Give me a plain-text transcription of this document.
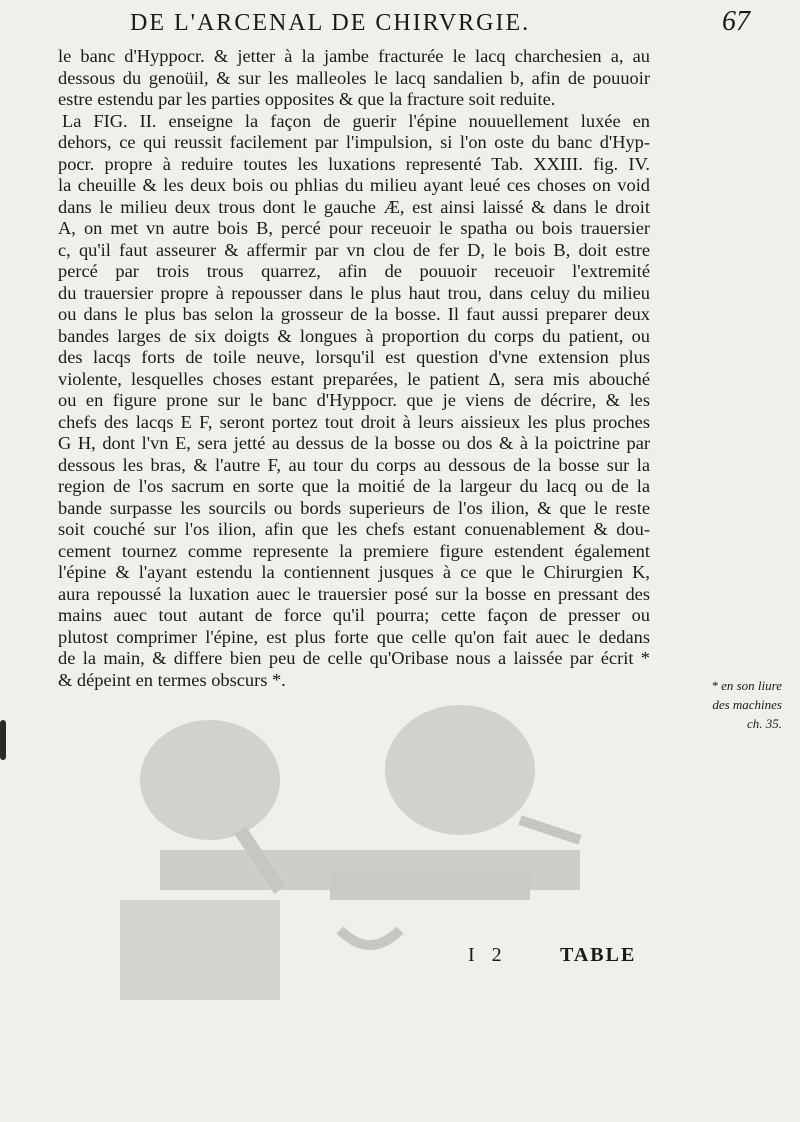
DE L'ARCENAL DE CHIRVRGIE.	67
le banc d'Hyppocr. & jetter à la jambe fracturée le lacq charchesien a, au
dessous du genoüil, & sur les malleoles le lacq sandalien b, afin de pouuoir
estre estendu par les parties opposites & que la fracture soit reduite.
La FIG. II. enseigne la façon de guerir l'épine nouuellement luxée en
dehors, ce qui reussit facilement par l'impulsion, si l'on oste du banc d'Hyp-
pocr. propre à reduire toutes les luxations representé Tab. XXIII. fig. IV.
la cheuille & les deux bois ou phlias du milieu ayant leué ces choses on void
dans le milieu deux trous dont le gauche Æ, est ainsi laissé & dans le droit
A, on met vn autre bois B, percé pour receuoir le spatha ou bois trauersier
c, qu'il faut asseurer & affermir par vn clou de fer D, le bois B, doit estre
percé par trois trous quarrez, afin de pouuoir receuoir l'extremité
du trauersier propre à repousser dans le plus haut trou, dans celuy du milieu
ou dans le plus bas selon la grosseur de la bosse. Il faut aussi preparer deux
bandes larges de six doigts & longues à proportion du corps du patient, ou
des lacqs forts de toile neuve, lorsqu'il est question d'vne extension plus
violente, lesquelles choses estant preparées, le patient Δ, sera mis abouché
ou en figure prone sur le banc d'Hyppocr. que je viens de décrire, & les
chefs des lacqs E F, seront portez tout droit à leurs aissieux les plus proches
G H, dont l'vn E, sera jetté au dessus de la bosse ou dos & à la poictrine par
dessous les bras, & l'autre F, au tour du corps au dessous de la bosse sur la
region de l'os sacrum en sorte que la moitié de la largeur du lacq ou de la
bande surpasse les sourcils ou bords superieurs de l'os ilion, & que le reste
soit couché sur l'os ilion, afin que les chefs estant conuenablement & dou-
cement tournez comme represente la premiere figure estendent également
l'épine & l'ayant estendu la contiennent jusques à ce que le Chirurgien K,
aura repoussé la luxation auec le trauersier posé sur la bosse en pressant des
mains auec tout autant de force qu'il pourra; cette façon de presser ou
plutost comprimer l'épine, est plus forte que celle qu'on fait auec le dedans
de la main, & differe bien peu de celle qu'Oribase nous a laissée par écrit *
& dépeint en termes obscurs *.	* en son liure
des machines
ch. 35.
I 2	TABLE
